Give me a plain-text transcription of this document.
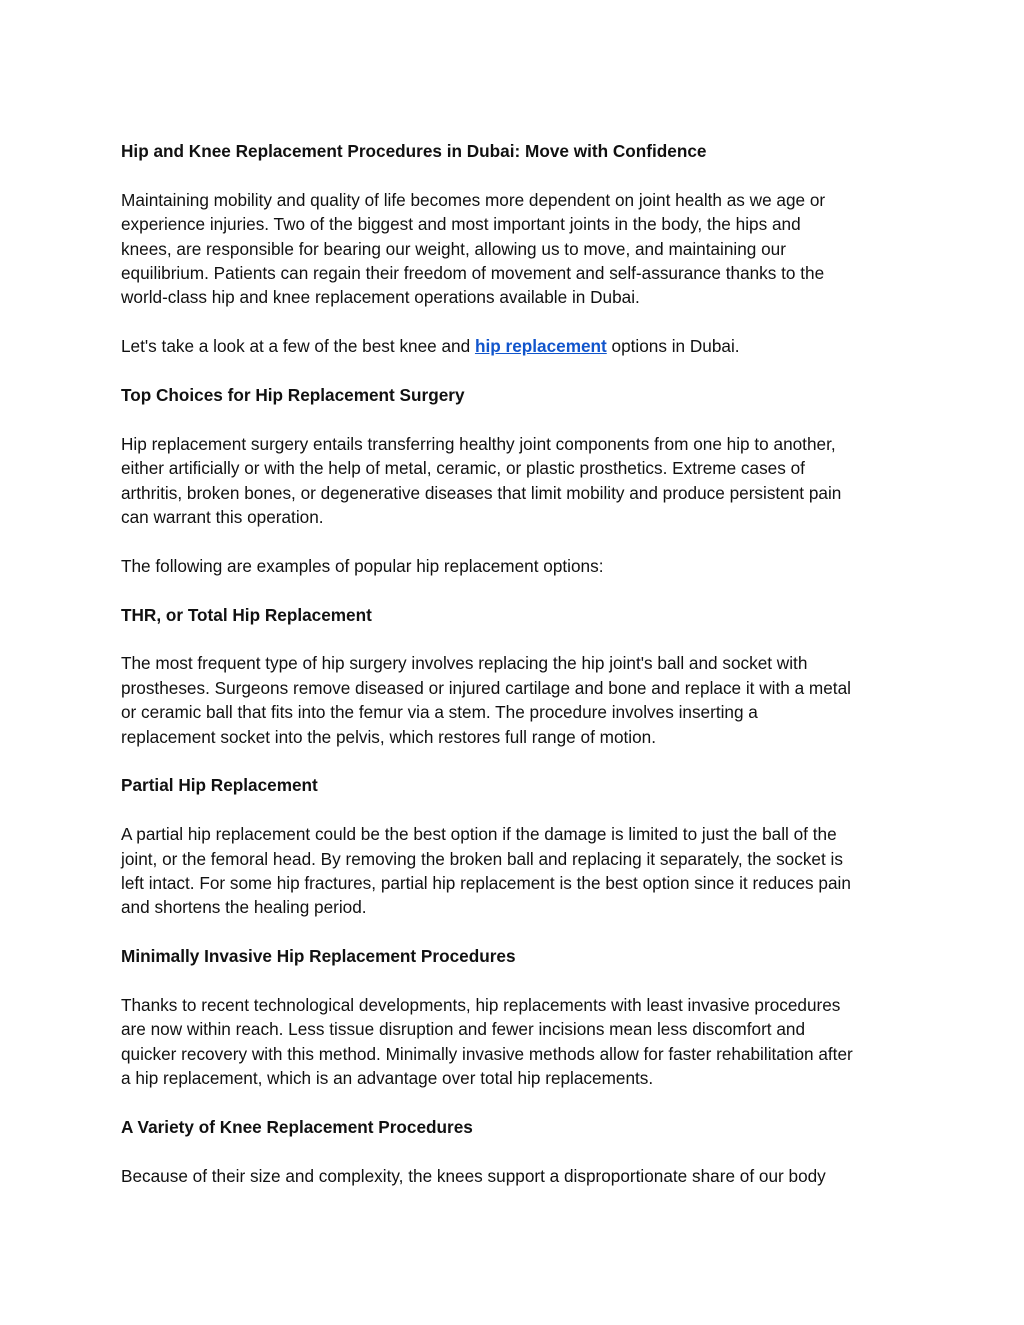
Hip and Knee Replacement Procedures in Dubai: Move with Confidence
Maintaining mobility and quality of life becomes more dependent on joint health as we age or
experience injuries. Two of the biggest and most important joints in the body, the hips and
knees, are responsible for bearing our weight, allowing us to move, and maintaining our
equilibrium. Patients can regain their freedom of movement and self-assurance thanks to the
world-class hip and knee replacement operations available in Dubai.
Let's take a look at a few of the best knee and hip replacement options in Dubai.
Top Choices for Hip Replacement Surgery
Hip replacement surgery entails transferring healthy joint components from one hip to another,
either artificially or with the help of metal, ceramic, or plastic prosthetics. Extreme cases of
arthritis, broken bones, or degenerative diseases that limit mobility and produce persistent pain
can warrant this operation.
The following are examples of popular hip replacement options:
THR, or Total Hip Replacement
The most frequent type of hip surgery involves replacing the hip joint's ball and socket with
prostheses. Surgeons remove diseased or injured cartilage and bone and replace it with a metal
or ceramic ball that fits into the femur via a stem. The procedure involves inserting a
replacement socket into the pelvis, which restores full range of motion.
Partial Hip Replacement
A partial hip replacement could be the best option if the damage is limited to just the ball of the
joint, or the femoral head. By removing the broken ball and replacing it separately, the socket is
left intact. For some hip fractures, partial hip replacement is the best option since it reduces pain
and shortens the healing period.
Minimally Invasive Hip Replacement Procedures
Thanks to recent technological developments, hip replacements with least invasive procedures
are now within reach. Less tissue disruption and fewer incisions mean less discomfort and
quicker recovery with this method. Minimally invasive methods allow for faster rehabilitation after
a hip replacement, which is an advantage over total hip replacements.
A Variety of Knee Replacement Procedures
Because of their size and complexity, the knees support a disproportionate share of our body
